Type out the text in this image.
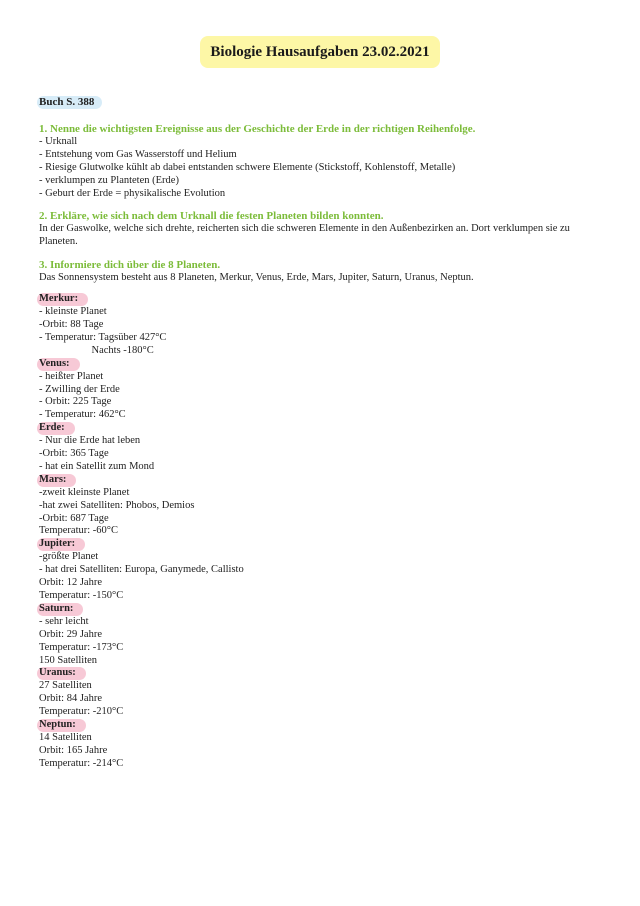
Biologie Hausaufgaben 23.02.2021
Buch S. 388
1. Nenne die wichtigsten Ereignisse aus der Geschichte der Erde in der richtigen Reihenfolge.
- Urknall
- Entstehung vom Gas Wasserstoff und Helium
- Riesige Glutwolke kühlt ab dabei entstanden schwere Elemente (Stickstoff, Kohlenstoff, Metalle)
- verklumpen zu Planteten (Erde)
- Geburt der Erde = physikalische Evolution
2. Erkläre, wie sich nach dem Urknall die festen Planeten bilden konnten.
In der Gaswolke, welche sich drehte, reicherten sich die schweren Elemente in den Außenbezirken an. Dort verklumpen sie zu Planeten.
3. Informiere dich über die 8 Planeten.
Das Sonnensystem besteht aus 8 Planeten, Merkur, Venus, Erde, Mars, Jupiter, Saturn, Uranus, Neptun.
Merkur:
- kleinste Planet
-Orbit: 88 Tage
- Temperatur: Tagsüber 427°C
Nachts -180°C
Venus:
- heißter Planet
- Zwilling der Erde
- Orbit: 225 Tage
- Temperatur: 462°C
Erde:
- Nur die Erde hat leben
-Orbit: 365 Tage
- hat ein Satellit zum Mond
Mars:
-zweit kleinste Planet
-hat zwei Satelliten: Phobos, Demios
-Orbit: 687 Tage
Temperatur: -60°C
Jupiter:
-größte Planet
- hat drei Satelliten: Europa, Ganymede, Callisto
Orbit: 12 Jahre
Temperatur: -150°C
Saturn:
- sehr leicht
Orbit: 29 Jahre
Temperatur: -173°C
150 Satelliten
Uranus:
27 Satelliten
Orbit: 84 Jahre
Temperatur: -210°C
Neptun:
14 Satelliten
Orbit: 165 Jahre
Temperatur: -214°C
